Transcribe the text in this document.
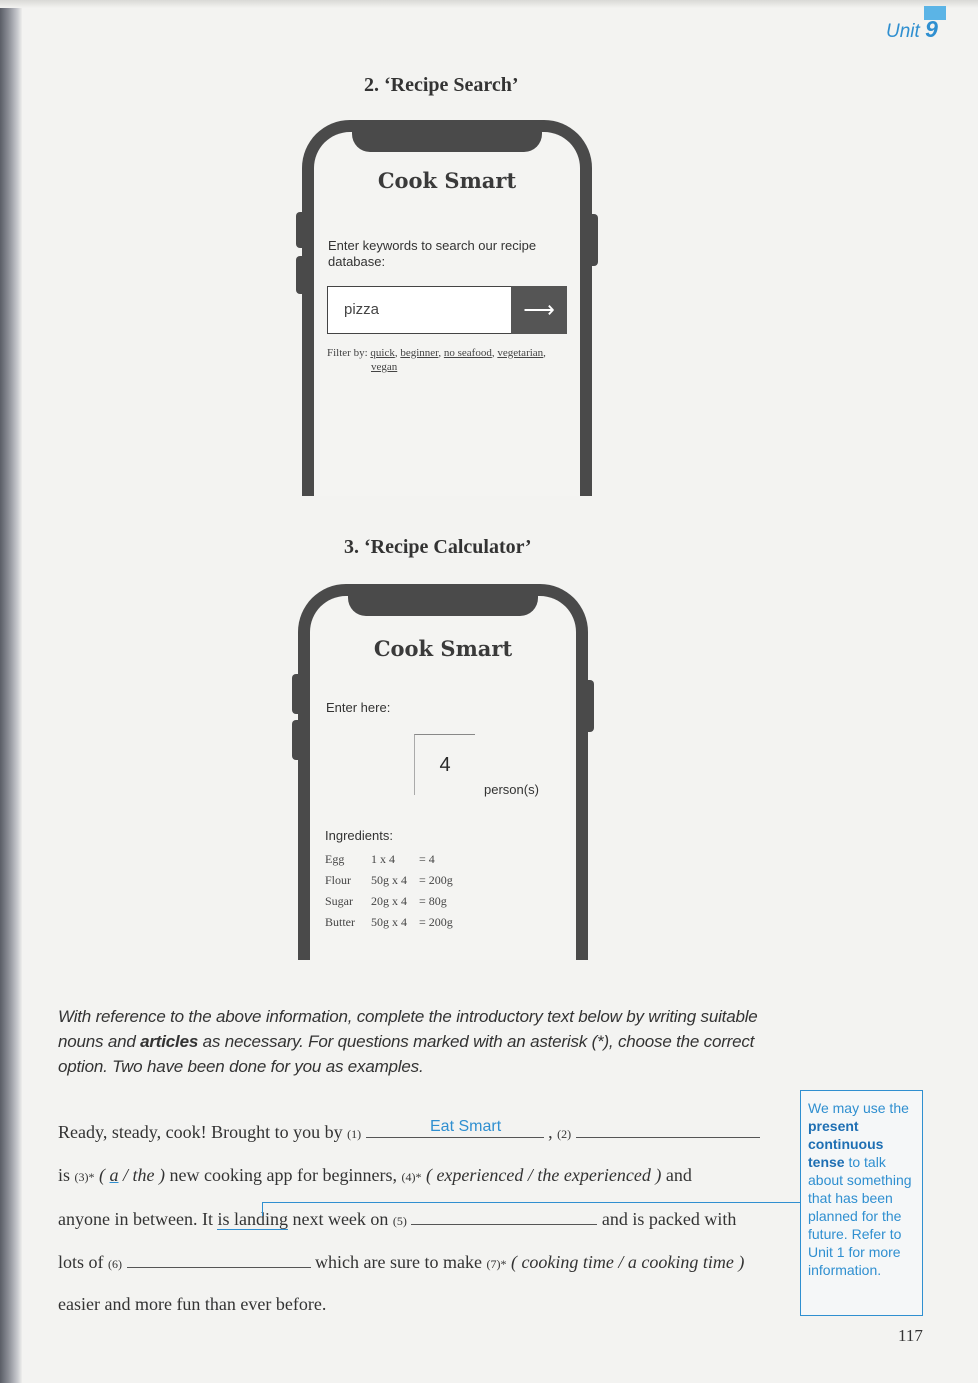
Unit 9
2. ‘Recipe Search’
Cook Smart
Enter keywords to search our recipe database:
pizza	⟶
Filter by: quick, beginner, no seafood, vegetarian,
vegan
3. ‘Recipe Calculator’
Cook Smart
Enter here:
4
person(s)
Ingredients:
Egg	1 x 4	= 4
Flour	50g x 4	= 200g
Sugar	20g x 4	= 80g
Butter	50g x 4	= 200g
With reference to the above information, complete the introductory text below by writing suitable nouns and articles as necessary. For questions marked with an asterisk (*), choose the correct option. Two have been done for you as examples.
Ready, steady, cook! Brought to you by (1)	, (2)
Eat Smart
is (3)* ( a / the ) new cooking app for beginners, (4)* ( experienced / the experienced ) and
anyone in between. It is landing next week on (5)	and is packed with
lots of (6)	which are sure to make (7)* ( cooking time / a cooking time )
easier and more fun than ever before.
We may use the present continuous tense to talk about something that has been planned for the future. Refer to Unit 1 for more information.
117
